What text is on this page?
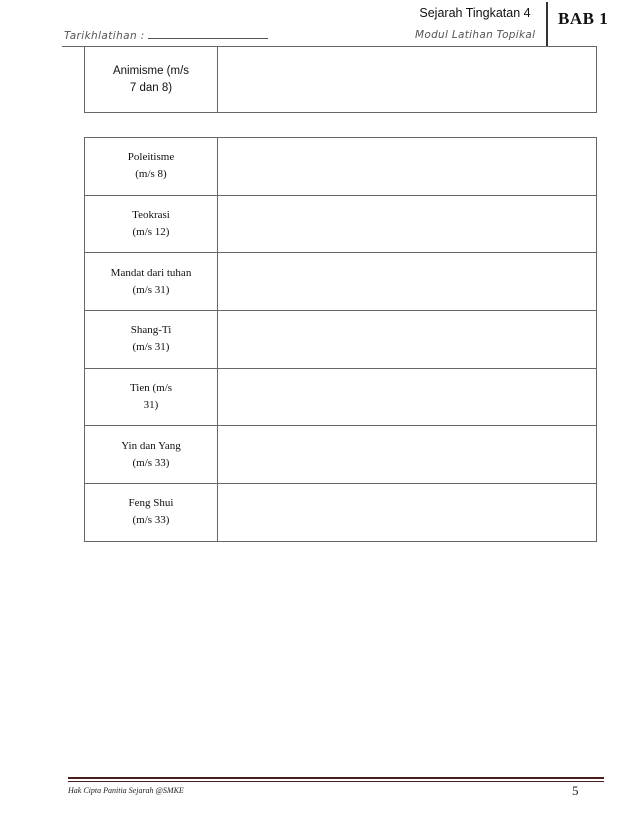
Tarikhlatihan :
Sejarah Tingkatan 4
Modul Latihan Topikal
BAB 1
Animisme (m/s
7 dan 8)

Poleitisme
(m/s 8)	

Teokrasi
(m/s 12)	

Mandat dari tuhan
(m/s 31)	

Shang-Ti
(m/s 31)	

Tien (m/s
31)	

Yin dan Yang
(m/s 33)	

Feng Shui
(m/s 33)	

Hak Cipta Panitia Sejarah @SMKE	5
